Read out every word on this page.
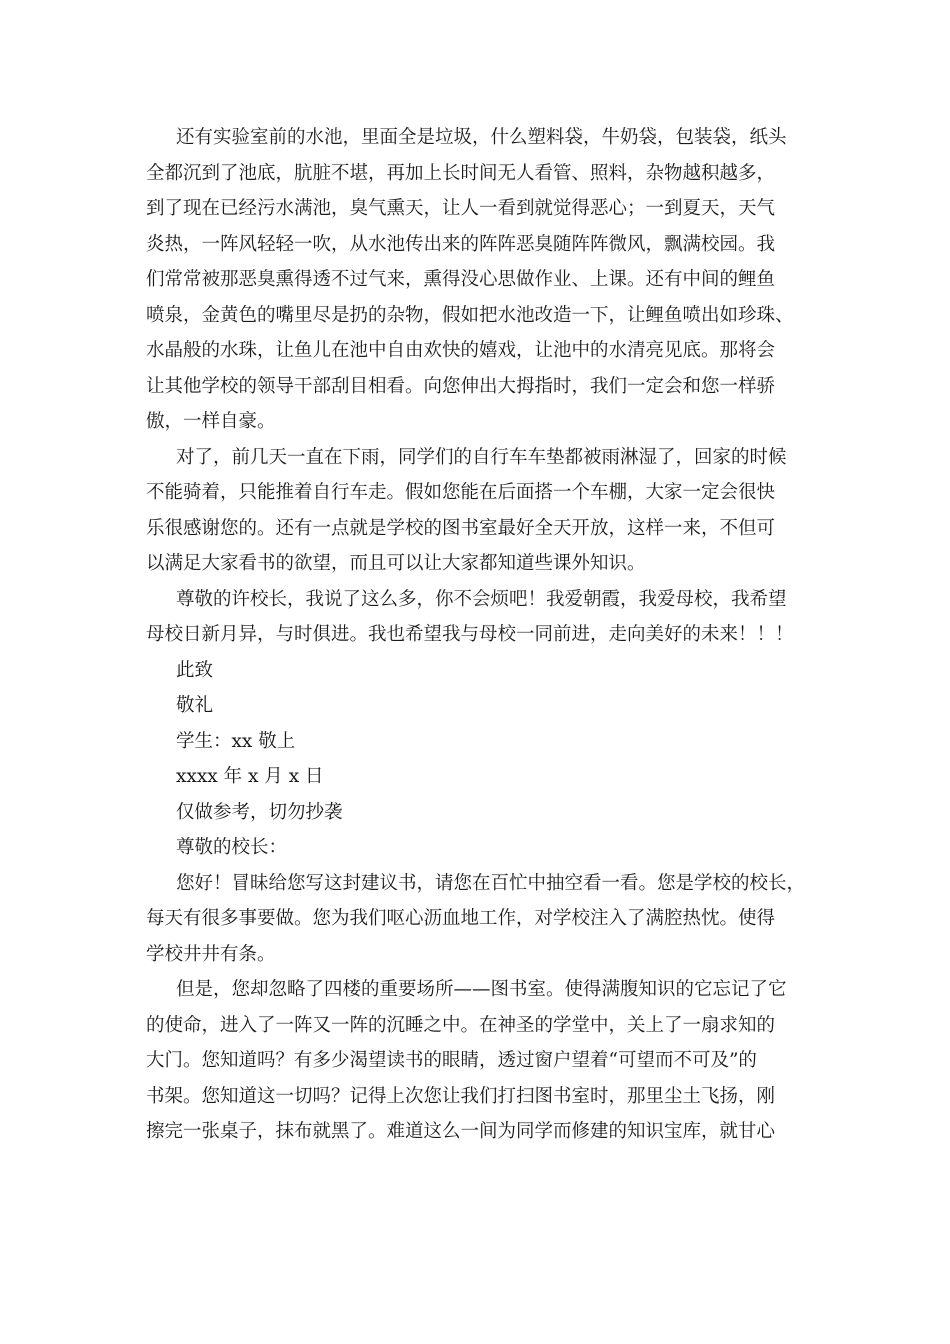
还有实验室前的水池，里面全是垃圾，什么塑料袋，牛奶袋，包装袋，纸头
全都沉到了池底，肮脏不堪，再加上长时间无人看管、照料，杂物越积越多，
到了现在已经污水满池，臭气熏天，让人一看到就觉得恶心；一到夏天，天气
炎热，一阵风轻轻一吹，从水池传出来的阵阵恶臭随阵阵微风，飘满校园。我
们常常被那恶臭熏得透不过气来，熏得没心思做作业、上课。还有中间的鲤鱼
喷泉，金黄色的嘴里尽是扔的杂物，假如把水池改造一下，让鲤鱼喷出如珍珠、
水晶般的水珠，让鱼儿在池中自由欢快的嬉戏，让池中的水清亮见底。那将会
让其他学校的领导干部刮目相看。向您伸出大拇指时，我们一定会和您一样骄
傲，一样自豪。
对了，前几天一直在下雨，同学们的自行车车垫都被雨淋湿了，回家的时候
不能骑着，只能推着自行车走。假如您能在后面搭一个车棚，大家一定会很快
乐很感谢您的。还有一点就是学校的图书室最好全天开放，这样一来，不但可
以满足大家看书的欲望，而且可以让大家都知道些课外知识。
尊敬的许校长，我说了这么多，你不会烦吧！我爱朝霞，我爱母校，我希望
母校日新月异，与时俱进。我也希望我与母校一同前进，走向美好的未来！！！
此致
敬礼
学生：xx 敬上
xxxx 年 x 月 x 日
仅做参考，切勿抄袭
尊敬的校长：
您好！冒昧给您写这封建议书，请您在百忙中抽空看一看。您是学校的校长，
每天有很多事要做。您为我们呕心沥血地工作，对学校注入了满腔热忱。使得
学校井井有条。
但是，您却忽略了四楼的重要场所——图书室。使得满腹知识的它忘记了它
的使命，进入了一阵又一阵的沉睡之中。在神圣的学堂中，关上了一扇求知的
大门。您知道吗？有多少渴望读书的眼睛，透过窗户望着“可望而不可及”的
书架。您知道这一切吗？记得上次您让我们打扫图书室时，那里尘土飞扬，刚
擦完一张桌子，抹布就黑了。难道这么一间为同学而修建的知识宝库，就甘心
